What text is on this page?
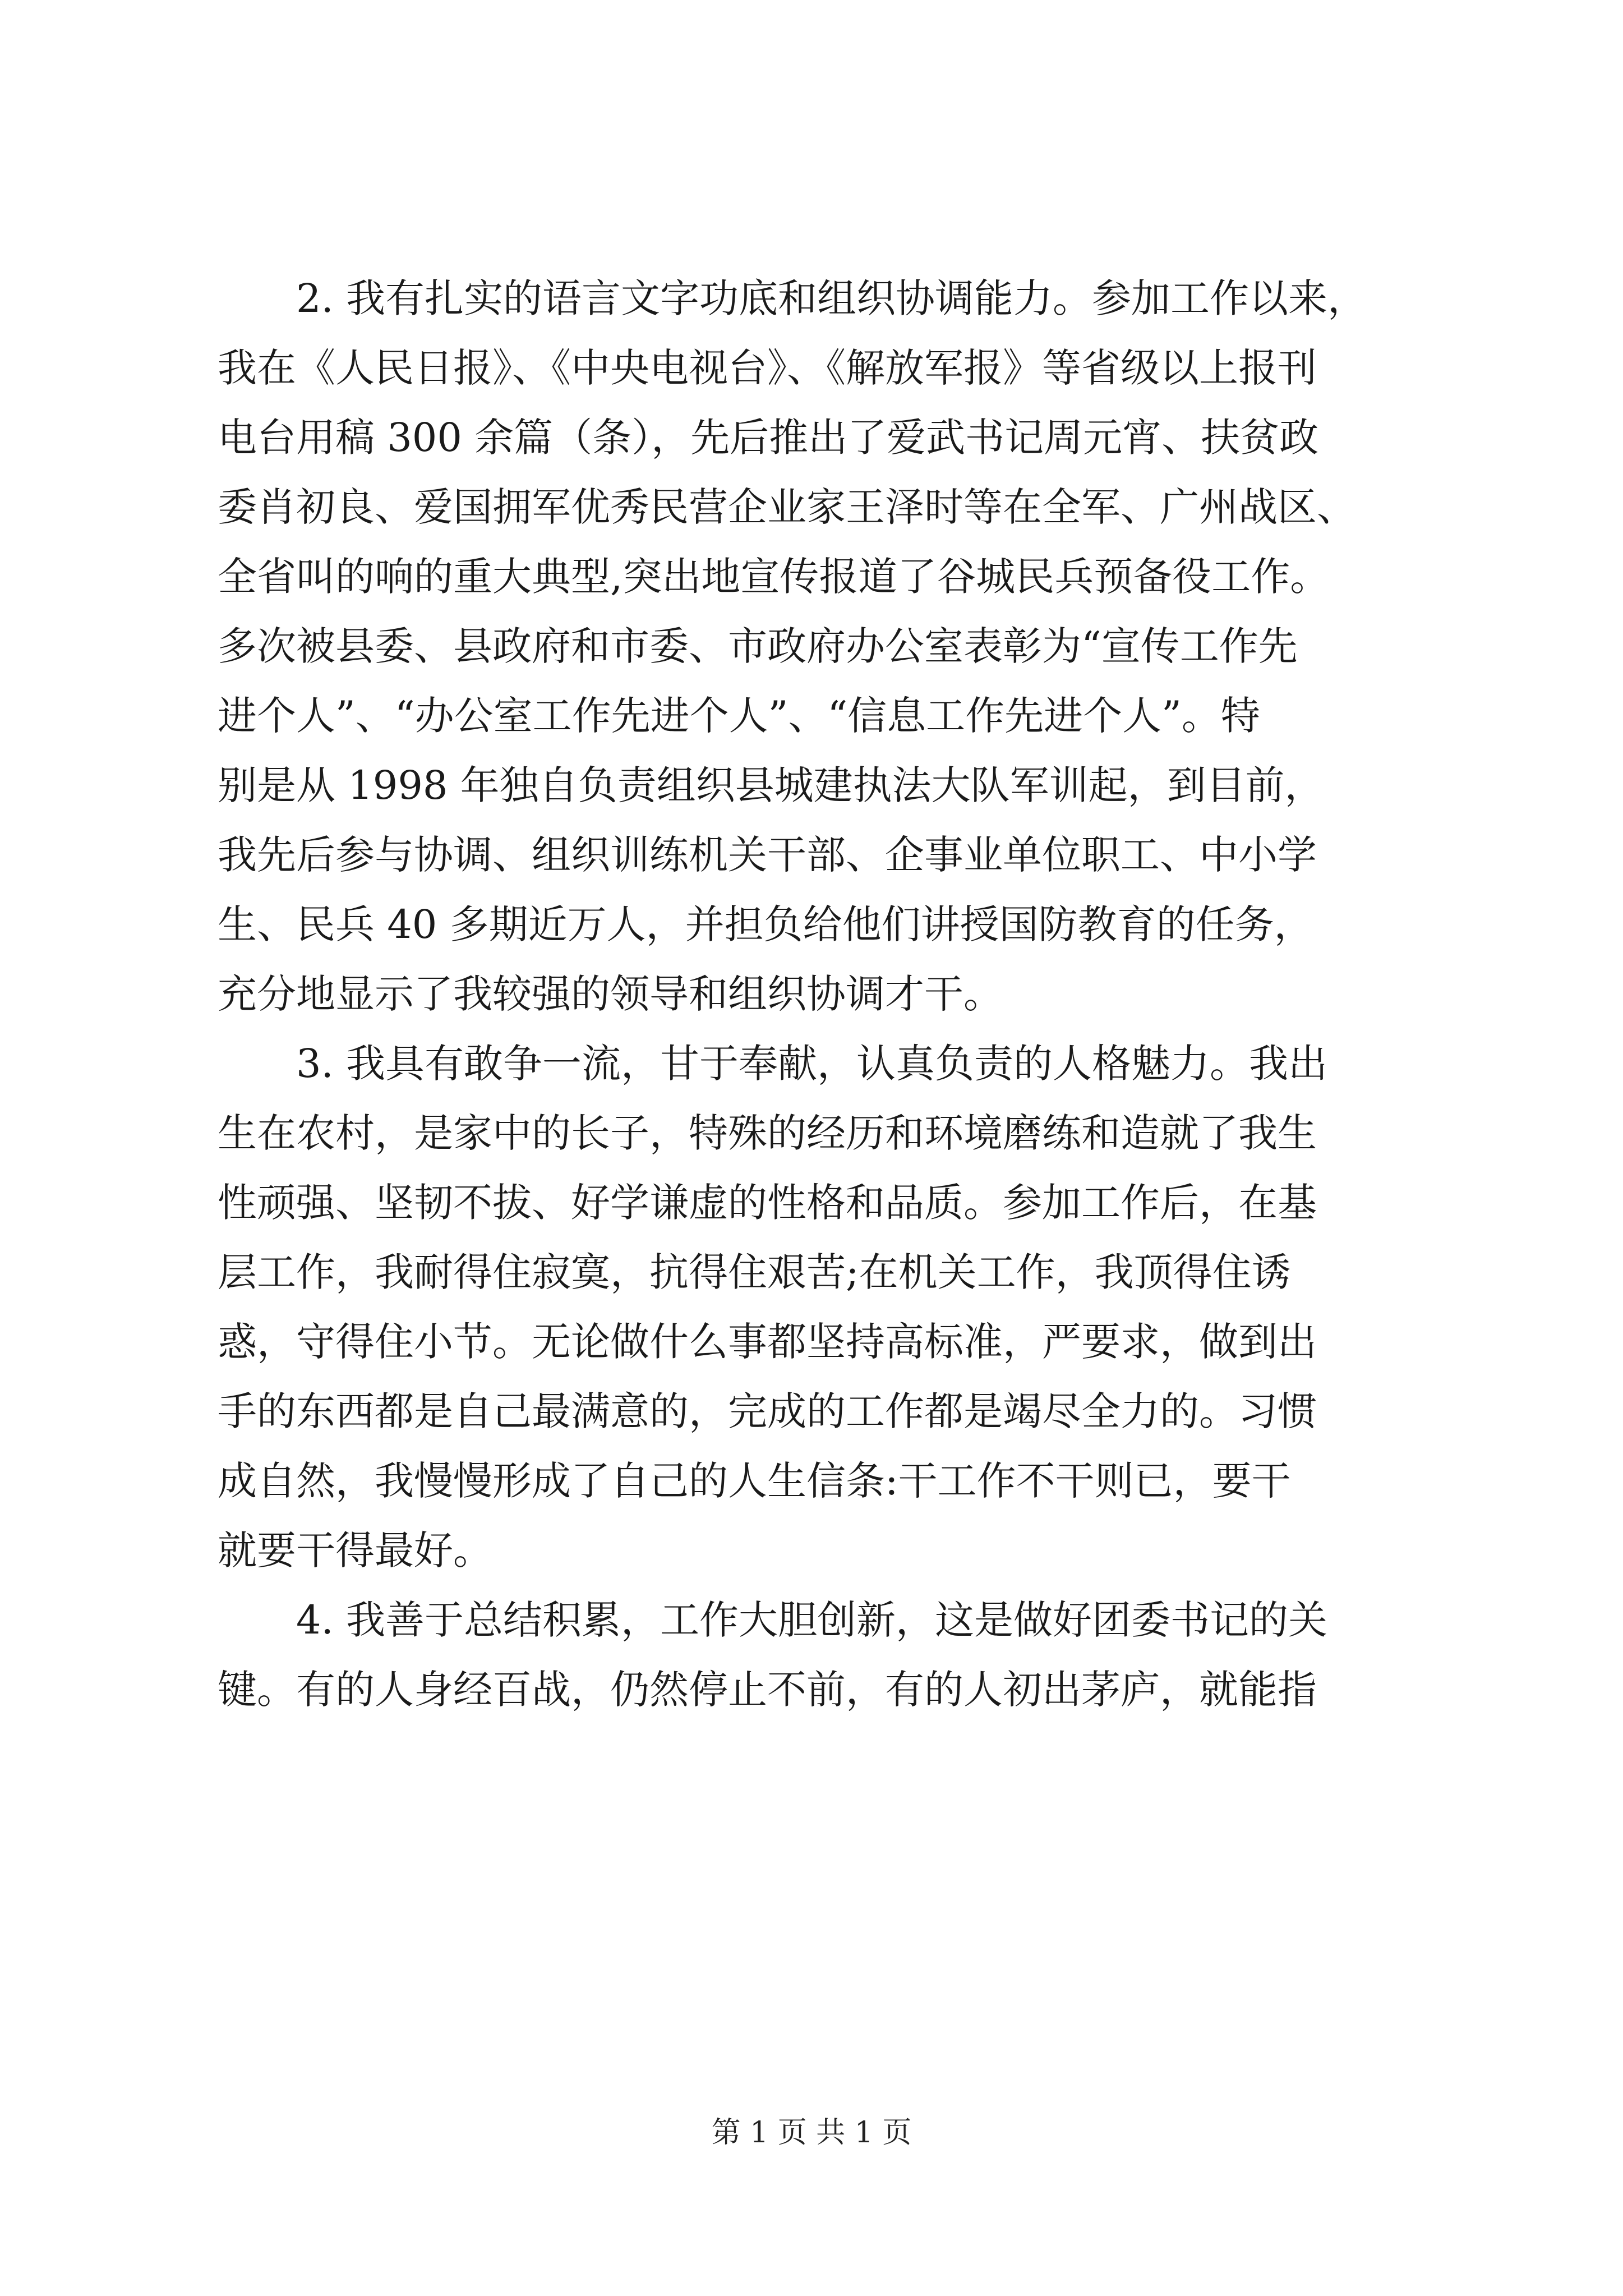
2. 我有扎实的语言文字功底和组织协调能力。参加工作以来，
我在《人民日报》、《中央电视台》、《解放军报》等省级以上报刊
电台用稿 300 余篇（条），先后推出了爱武书记周元宵、扶贫政
委肖初良、爱国拥军优秀民营企业家王泽时等在全军、广州战区、
全省叫的响的重大典型,突出地宣传报道了谷城民兵预备役工作。
多次被县委、县政府和市委、市政府办公室表彰为“宣传工作先
进个人”、“办公室工作先进个人”、“信息工作先进个人”。特
别是从 1998 年独自负责组织县城建执法大队军训起，到目前，
我先后参与协调、组织训练机关干部、企事业单位职工、中小学
生、民兵 40 多期近万人，并担负给他们讲授国防教育的任务，
充分地显示了我较强的领导和组织协调才干。
3. 我具有敢争一流，甘于奉献，认真负责的人格魅力。我出
生在农村，是家中的长子，特殊的经历和环境磨练和造就了我生
性顽强、坚韧不拔、好学谦虚的性格和品质。参加工作后，在基
层工作，我耐得住寂寞，抗得住艰苦;在机关工作，我顶得住诱
惑，守得住小节。无论做什么事都坚持高标准，严要求，做到出
手的东西都是自己最满意的，完成的工作都是竭尽全力的。习惯
成自然，我慢慢形成了自己的人生信条:干工作不干则已，要干
就要干得最好。
4. 我善于总结积累，工作大胆创新，这是做好团委书记的关
键。有的人身经百战，仍然停止不前，有的人初出茅庐，就能指
第 1 页 共 1 页
